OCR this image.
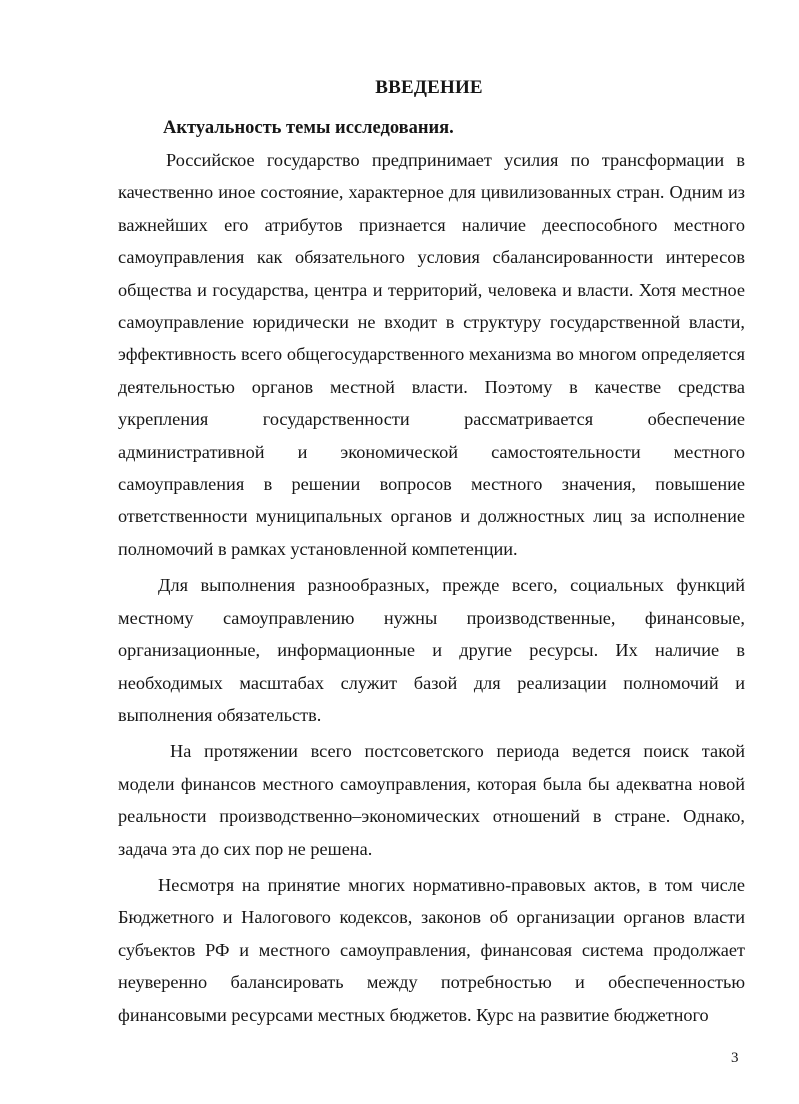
ВВЕДЕНИЕ
Актуальность темы исследования.

Российское государство предпринимает усилия по трансформации в качественно иное состояние, характерное для цивилизованных стран. Одним из важнейших его атрибутов признается наличие дееспособного местного самоуправления как обязательного условия сбалансированности интересов общества и государства, центра и территорий, человека и власти. Хотя местное самоуправление юридически не входит в структуру государственной власти, эффективность всего общегосударственного механизма во многом определяется деятельностью органов местной власти. Поэтому в качестве средства укрепления государственности рассматривается обеспечение административной и экономической самостоятельности местного самоуправления в решении вопросов местного значения, повышение ответственности муниципальных органов и должностных лиц за исполнение полномочий в рамках установленной компетенции.

Для выполнения разнообразных, прежде всего, социальных функций местному самоуправлению нужны производственные, финансовые, организационные, информационные и другие ресурсы. Их наличие в необходимых масштабах служит базой для реализации полномочий и выполнения обязательств.

На протяжении всего постсоветского периода ведется поиск такой модели финансов местного самоуправления, которая была бы адекватна новой реальности производственно–экономических отношений в стране. Однако, задача эта до сих пор не решена.

Несмотря на принятие многих нормативно-правовых актов, в том числе Бюджетного и Налогового кодексов, законов об организации органов власти субъектов РФ и местного самоуправления, финансовая система продолжает неуверенно балансировать между потребностью и обеспеченностью финансовыми ресурсами местных бюджетов. Курс на развитие бюджетного

3
